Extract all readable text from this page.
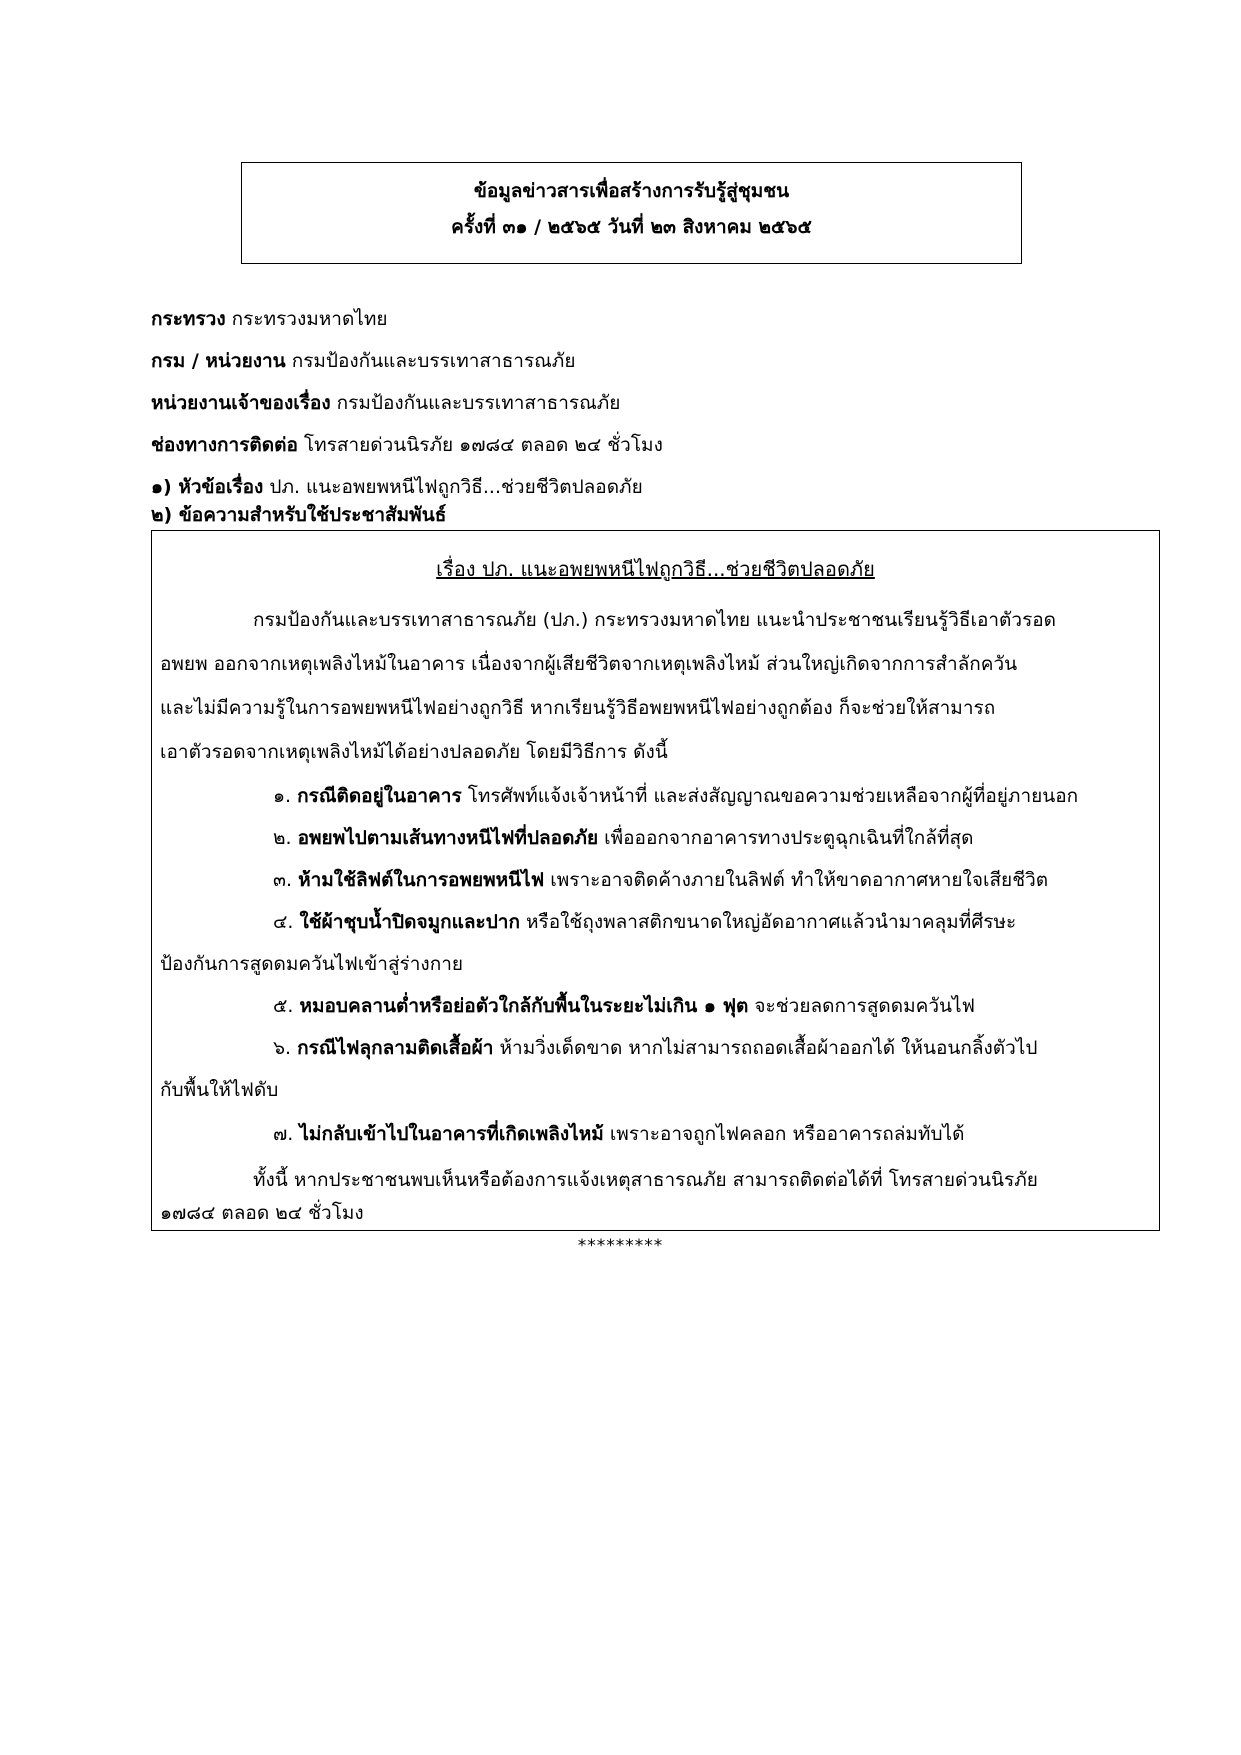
ข้อมูลข่าวสารเพื่อสร้างการรับรู้สู่ชุมชน
ครั้งที่ ๓๑ / ๒๕๖๕ วันที่ ๒๓ สิงหาคม ๒๕๖๕
กระทรวง กระทรวงมหาดไทย
กรม / หน่วยงาน กรมป้องกันและบรรเทาสาธารณภัย
หน่วยงานเจ้าของเรื่อง กรมป้องกันและบรรเทาสาธารณภัย
ช่องทางการติดต่อ โทรสายด่วนนิรภัย ๑๗๘๔ ตลอด ๒๔ ชั่วโมง
๑) หัวข้อเรื่อง ปภ. แนะอพยพหนีไฟถูกวิธี...ช่วยชีวิตปลอดภัย
๒) ข้อความสำหรับใช้ประชาสัมพันธ์
เรื่อง ปภ. แนะอพยพหนีไฟถูกวิธี...ช่วยชีวิตปลอดภัย
กรมป้องกันและบรรเทาสาธารณภัย (ปภ.) กระทรวงมหาดไทย แนะนำประชาชนเรียนรู้วิธีเอาตัวรอด
อพยพ ออกจากเหตุเพลิงไหม้ในอาคาร เนื่องจากผู้เสียชีวิตจากเหตุเพลิงไหม้ ส่วนใหญ่เกิดจากการสำลักควัน
และไม่มีความรู้ในการอพยพหนีไฟอย่างถูกวิธี หากเรียนรู้วิธีอพยพหนีไฟอย่างถูกต้อง ก็จะช่วยให้สามารถ
เอาตัวรอดจากเหตุเพลิงไหม้ได้อย่างปลอดภัย โดยมีวิธีการ ดังนี้
๑. กรณีติดอยู่ในอาคาร โทรศัพท์แจ้งเจ้าหน้าที่ และส่งสัญญาณขอความช่วยเหลือจากผู้ที่อยู่ภายนอก
๒. อพยพไปตามเส้นทางหนีไฟที่ปลอดภัย เพื่อออกจากอาคารทางประตูฉุกเฉินที่ใกล้ที่สุด
๓. ห้ามใช้ลิฟต์ในการอพยพหนีไฟ เพราะอาจติดค้างภายในลิฟต์ ทำให้ขาดอากาศหายใจเสียชีวิต
๔. ใช้ผ้าชุบน้ำปิดจมูกและปาก หรือใช้ถุงพลาสติกขนาดใหญ่อัดอากาศแล้วนำมาคลุมที่ศีรษะ
ป้องกันการสูดดมควันไฟเข้าสู่ร่างกาย
๕. หมอบคลานต่ำหรือย่อตัวใกล้กับพื้นในระยะไม่เกิน ๑ ฟุต จะช่วยลดการสูดดมควันไฟ
๖. กรณีไฟลุกลามติดเสื้อผ้า ห้ามวิ่งเด็ดขาด หากไม่สามารถถอดเสื้อผ้าออกได้ ให้นอนกลิ้งตัวไป
กับพื้นให้ไฟดับ
๗. ไม่กลับเข้าไปในอาคารที่เกิดเพลิงไหม้ เพราะอาจถูกไฟคลอก หรืออาคารถล่มทับได้
ทั้งนี้ หากประชาชนพบเห็นหรือต้องการแจ้งเหตุสาธารณภัย สามารถติดต่อได้ที่ โทรสายด่วนนิรภัย
๑๗๘๔ ตลอด ๒๔ ชั่วโมง
*********
